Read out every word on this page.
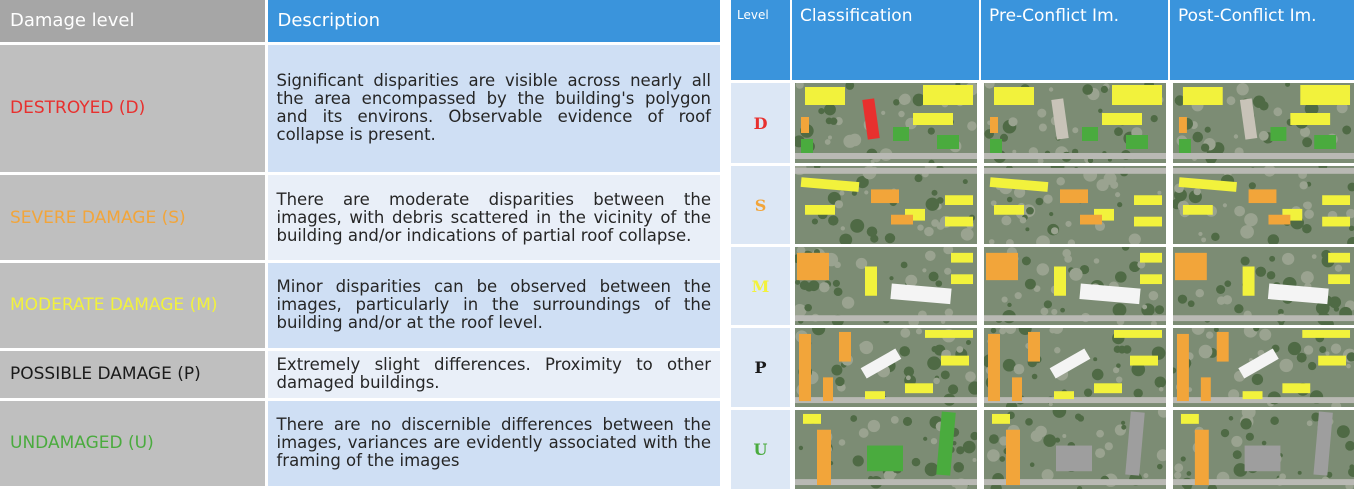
Damage level	Description
DESTROYED (D)	Significant disparities are visible across nearly all the area encompassed by the building's polygon and its environs. Observable evidence of roof collapse is present.
SEVERE DAMAGE (S)	There are moderate disparities between the images, with debris scattered in the vicinity of the building and/or indications of partial roof collapse.
MODERATE DAMAGE (M)	Minor disparities can be observed between the images, particularly in the surroundings of the building and/or at the roof level.
POSSIBLE DAMAGE (P)	Extremely slight differences. Proximity to other damaged buildings.
UNDAMAGED (U)	There are no discernible differences between the images, variances are evidently associated with the framing of the images
Level	Classification	Pre-Conflict Im.	Post-Conflict Im.
D
S
M
P
U
